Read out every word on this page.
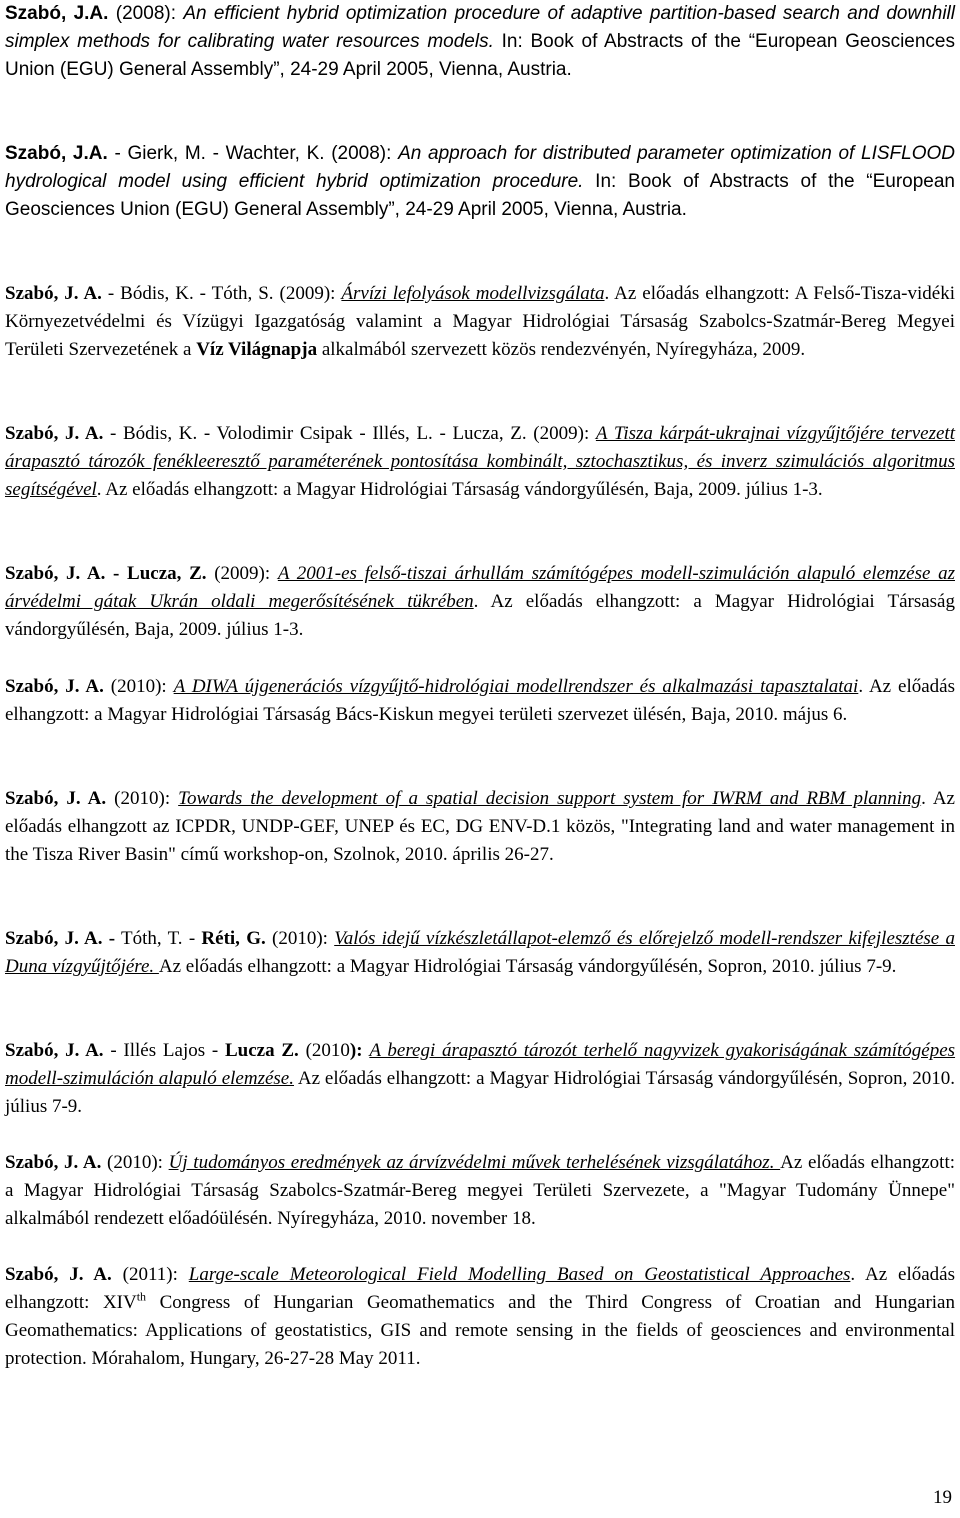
Szabó, J.A. (2008): An efficient hybrid optimization procedure of adaptive partition-based search and downhill simplex methods for calibrating water resources models. In: Book of Abstracts of the “European Geosciences Union (EGU) General Assembly”, 24-29 April 2005, Vienna, Austria.

Szabó, J.A. - Gierk, M. - Wachter, K. (2008): An approach for distributed parameter optimization of LISFLOOD hydrological model using efficient hybrid optimization procedure. In: Book of Abstracts of the “European Geosciences Union (EGU) General Assembly”, 24-29 April 2005, Vienna, Austria.

Szabó, J. A. - Bódis, K. - Tóth, S. (2009): Árvízi lefolyások modellvizsgálata. Az előadás elhangzott: A Felső-Tisza-vidéki Környezetvédelmi és Vízügyi Igazgatóság valamint a Magyar Hidrológiai Társaság Szabolcs-Szatmár-Bereg Megyei Területi Szervezetének a Víz Világnapja alkalmából szervezett közös rendezvényén, Nyíregyháza, 2009.

Szabó, J. A. - Bódis, K. - Volodimir Csipak - Illés, L. - Lucza, Z. (2009): A Tisza kárpát-ukrajnai vízgyűjtőjére tervezett árapasztó tározók fenékleeresztő paraméterének pontosítása kombinált, sztochasztikus, és inverz szimulációs algoritmus segítségével. Az előadás elhangzott: a Magyar Hidrológiai Társaság vándorgyűlésén, Baja, 2009. július 1-3.

Szabó, J. A. - Lucza, Z. (2009): A 2001-es felső-tiszai árhullám számítógépes modell-szimuláción alapuló elemzése az árvédelmi gátak Ukrán oldali megerősítésének tükrében. Az előadás elhangzott: a Magyar Hidrológiai Társaság vándorgyűlésén, Baja, 2009. július 1-3.

Szabó, J. A. (2010): A DIWA újgenerációs vízgyűjtő-hidrológiai modellrendszer és alkalmazási tapasztalatai. Az előadás elhangzott: a Magyar Hidrológiai Társaság Bács-Kiskun megyei területi szervezet ülésén, Baja, 2010. május 6.

Szabó, J. A. (2010): Towards the development of a spatial decision support system for IWRM and RBM planning. Az előadás elhangzott az ICPDR, UNDP-GEF, UNEP és EC, DG ENV-D.1 közös, "Integrating land and water management in the Tisza River Basin" című workshop-on, Szolnok, 2010. április 26-27.

Szabó, J. A. - Tóth, T. - Réti, G. (2010): Valós idejű vízkészletállapot-elemző és előrejelző modell-rendszer kifejlesztése a Duna vízgyűjtőjére. Az előadás elhangzott: a Magyar Hidrológiai Társaság vándorgyűlésén, Sopron, 2010. július 7-9.

Szabó, J. A. - Illés Lajos - Lucza Z. (2010): A beregi árapasztó tározót terhelő nagyvizek gyakoriságának számítógépes modell-szimuláción alapuló elemzése. Az előadás elhangzott: a Magyar Hidrológiai Társaság vándorgyűlésén, Sopron, 2010. július 7-9.

Szabó, J. A. (2010): Új tudományos eredmények az árvízvédelmi művek terhelésének vizsgálatához. Az előadás elhangzott: a Magyar Hidrológiai Társaság Szabolcs-Szatmár-Bereg megyei Területi Szervezete, a "Magyar Tudomány Ünnepe" alkalmából rendezett előadóülésén. Nyíregyháza, 2010. november 18.

Szabó, J. A. (2011): Large-scale Meteorological Field Modelling Based on Geostatistical Approaches. Az előadás elhangzott: XIVth Congress of Hungarian Geomathematics and the Third Congress of Croatian and Hungarian Geomathematics: Applications of geostatistics, GIS and remote sensing in the fields of geosciences and environmental protection. Mórahalom, Hungary, 26-27-28 May 2011.

19
